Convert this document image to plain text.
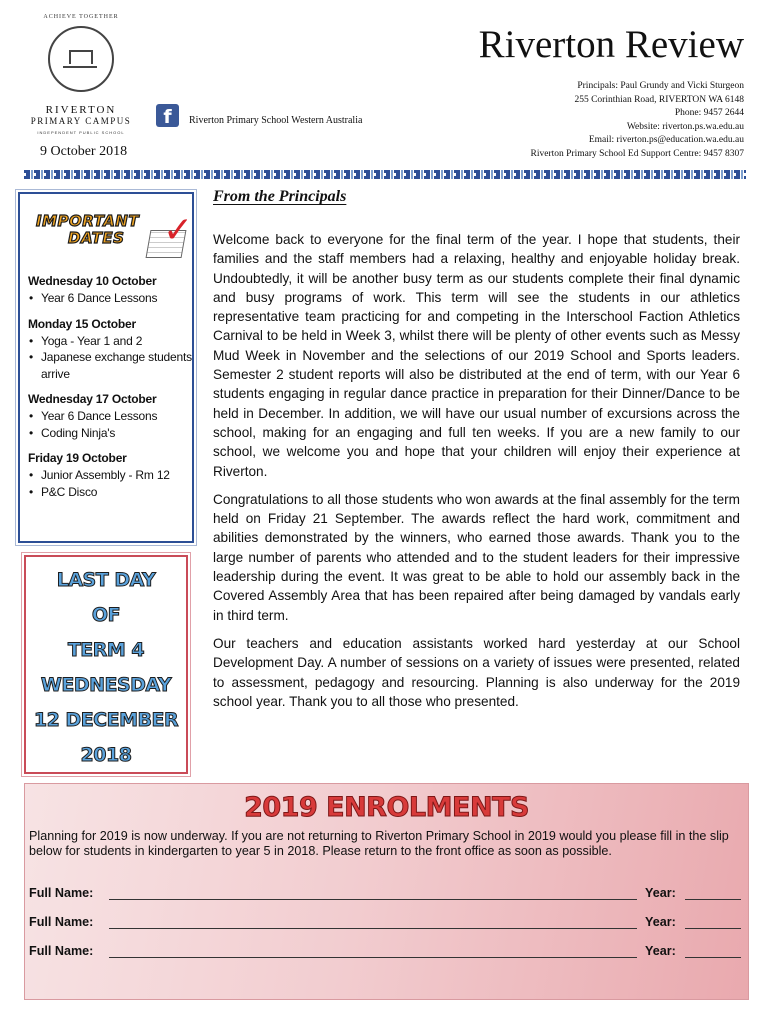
ACHIEVE TOGETHER
RIVERTON
PRIMARY CAMPUS
INDEPENDENT PUBLIC SCHOOL
f	Riverton Primary School Western Australia
9 October 2018
Riverton Review
Principals: Paul Grundy and Vicki Sturgeon
255 Corinthian Road, RIVERTON WA 6148
Phone: 9457 2644
Website: riverton.ps.wa.edu.au
Email: riverton.ps@education.wa.edu.au
Riverton Primary School Ed Support Centre: 9457 8307
IMPORTANT
DATES ✓
Wednesday 10 October
• Year 6 Dance Lessons
Monday 15 October
• Yoga - Year 1 and 2
• Japanese exchange students arrive
Wednesday 17 October
• Year 6 Dance Lessons
• Coding Ninja's
Friday 19 October
• Junior Assembly - Rm 12
• P&C Disco
LAST DAY
OF
TERM 4
WEDNESDAY
12 DECEMBER
2018
From the Principals

Welcome back to everyone for the final term of the year. I hope that students, their families and the staff members had a relaxing, healthy and enjoyable holiday break. Undoubtedly, it will be another busy term as our students complete their final dynamic and busy programs of work. This term will see the students in our athletics representative team practicing for and competing in the Interschool Faction Athletics Carnival to be held in Week 3, whilst there will be plenty of other events such as Messy Mud Week in November and the selections of our 2019 School and Sports leaders. Semester 2 student reports will also be distributed at the end of term, with our Year 6 students engaging in regular dance practice in preparation for their Dinner/Dance to be held in December. In addition, we will have our usual number of excursions across the school, making for an engaging and full ten weeks. If you are a new family to our school, we welcome you and hope that your children will enjoy their experience at Riverton.

Congratulations to all those students who won awards at the final assembly for the term held on Friday 21 September. The awards reflect the hard work, commitment and abilities demonstrated by the winners, who earned those awards. Thank you to the large number of parents who attended and to the student leaders for their impressive leadership during the event. It was great to be able to hold our assembly back in the Covered Assembly Area that has been repaired after being damaged by vandals early in third term.

Our teachers and education assistants worked hard yesterday at our School Development Day. A number of sessions on a variety of issues were presented, related to assessment, pedagogy and resourcing. Planning is also underway for the 2019 school year. Thank you to all those who presented.

2019 ENROLMENTS
Planning for 2019 is now underway. If you are not returning to Riverton Primary School in 2019 would you please fill in the slip below for students in kindergarten to year 5 in 2018. Please return to the front office as soon as possible.
Full Name:	Year:
Full Name:	Year:
Full Name:	Year:
